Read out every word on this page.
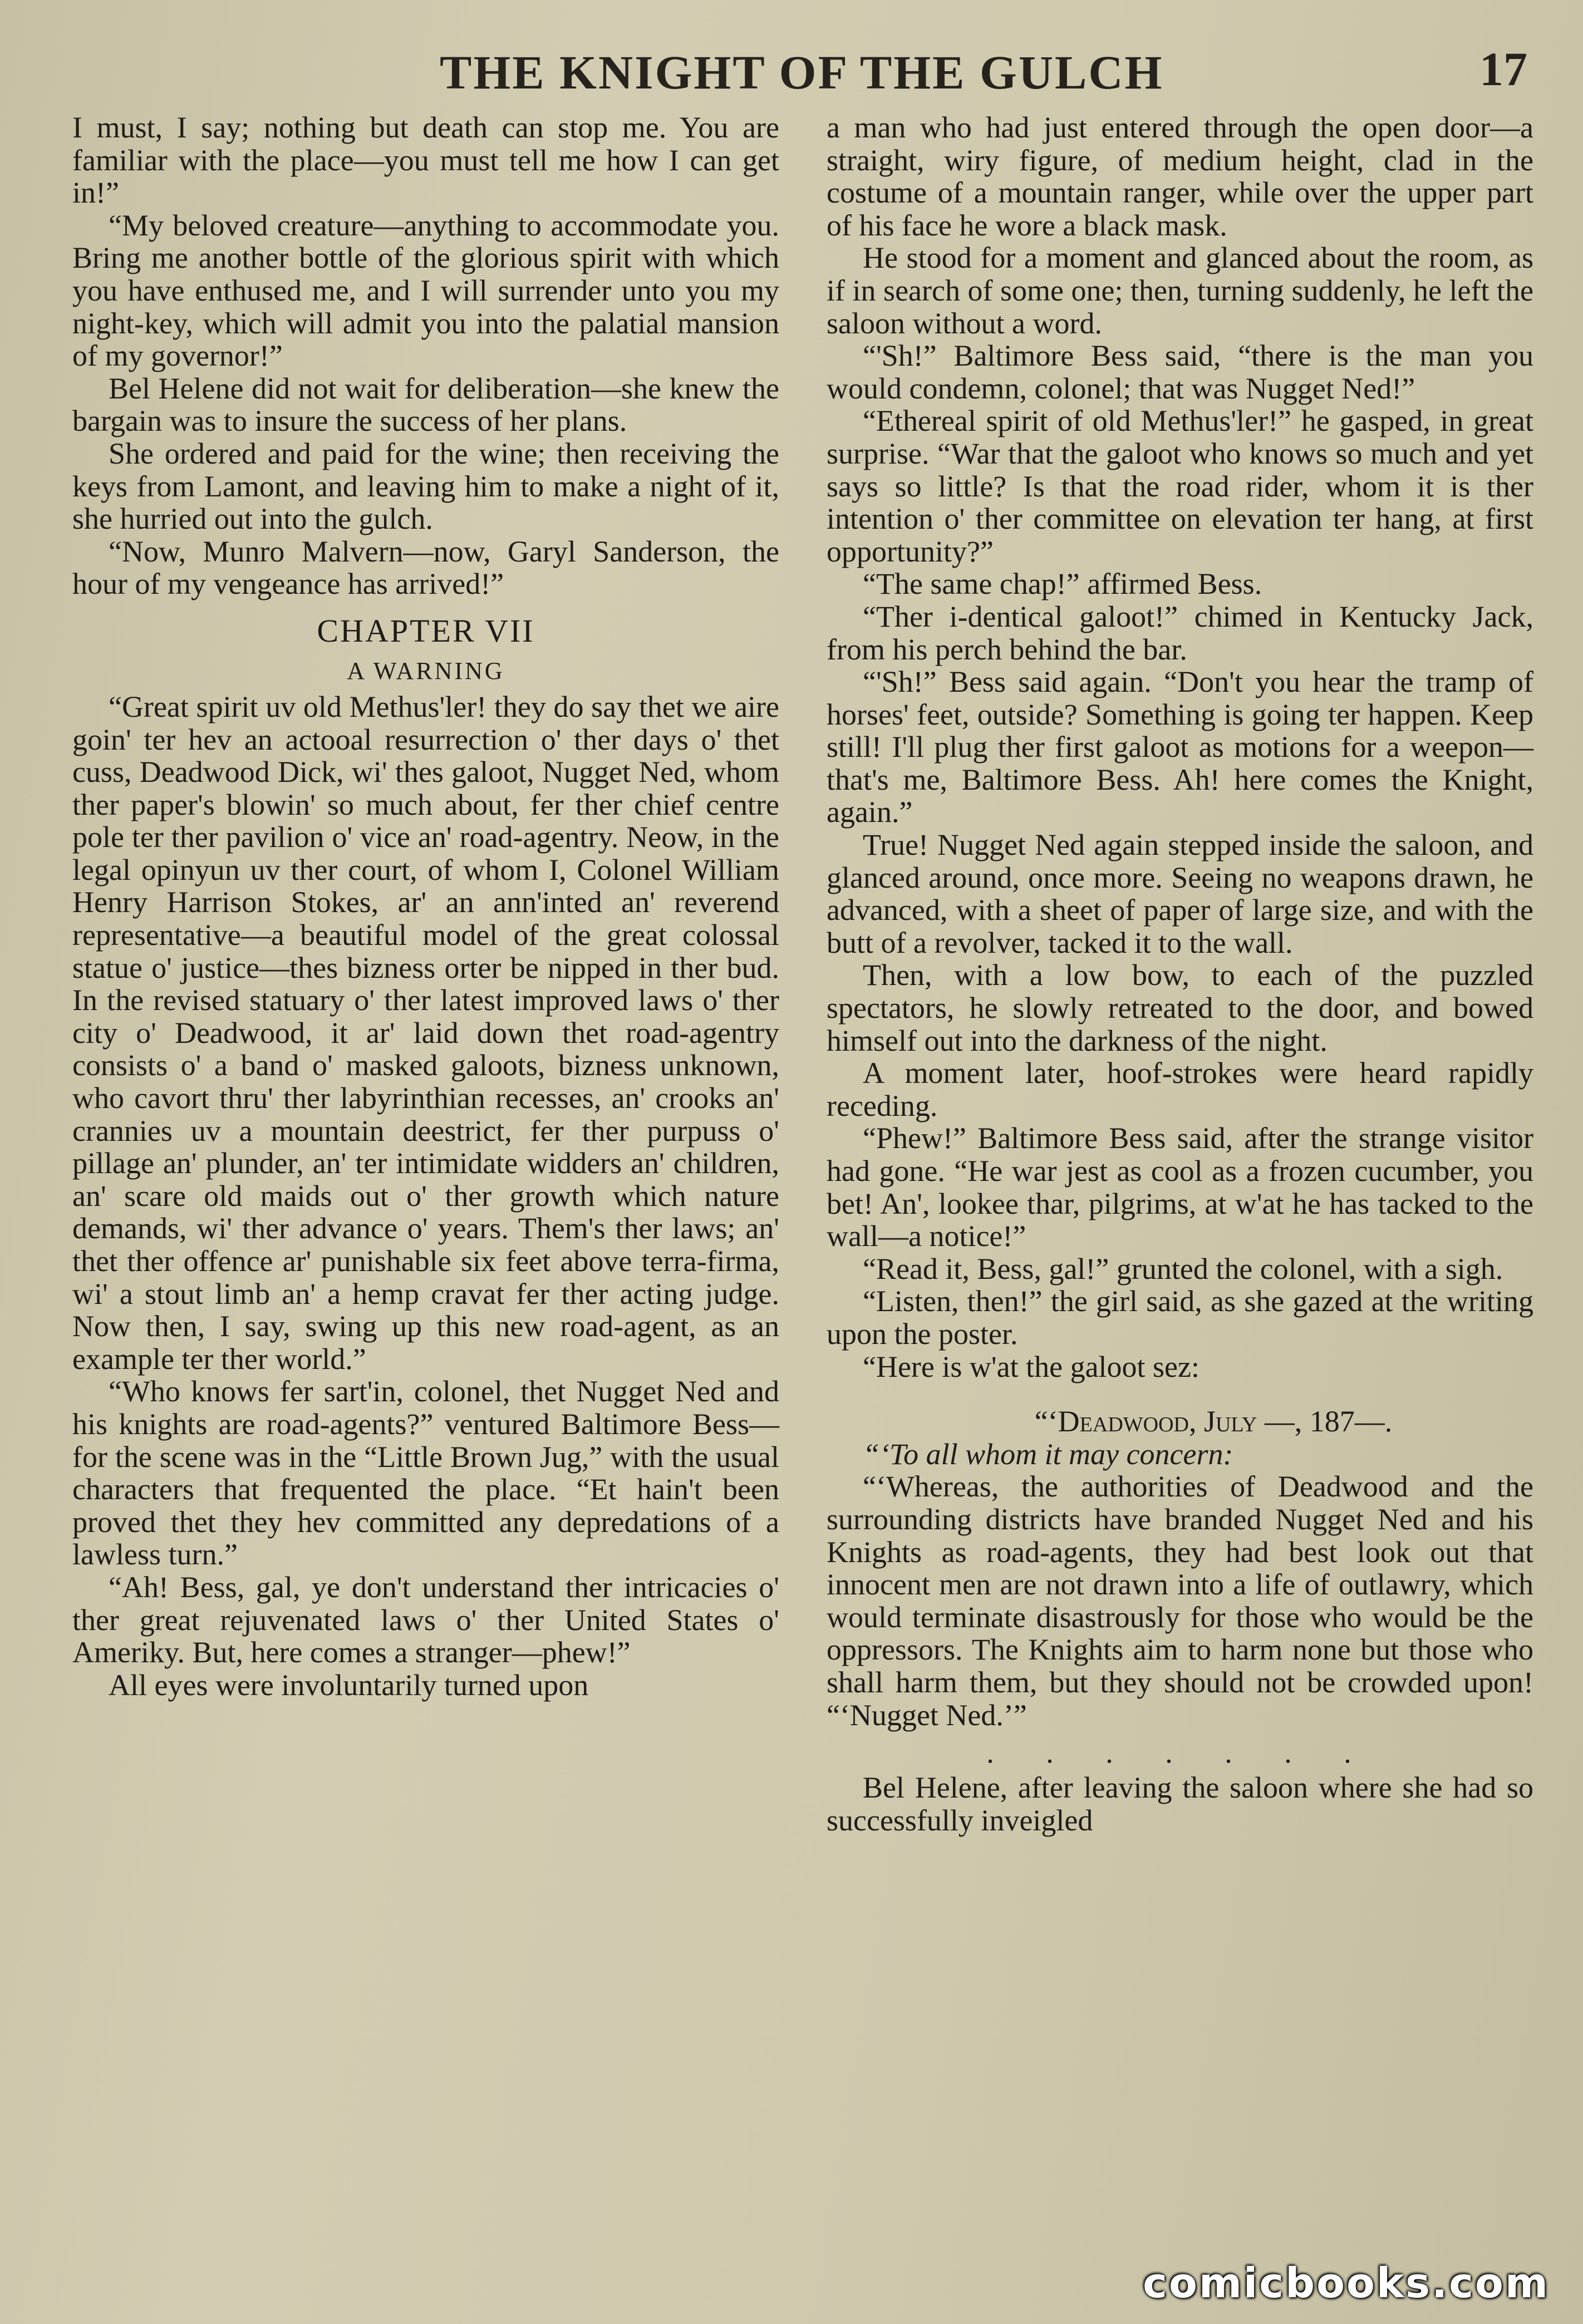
THE KNIGHT OF THE GULCH	17

I must, I say; nothing but death can stop me. You are familiar with the place—you must tell me how I can get in!”

“My beloved creature—anything to accommodate you. Bring me another bottle of the glorious spirit with which you have enthused me, and I will surrender unto you my night-key, which will admit you into the palatial mansion of my governor!”

Bel Helene did not wait for deliberation—she knew the bargain was to insure the success of her plans.

She ordered and paid for the wine; then receiving the keys from Lamont, and leaving him to make a night of it, she hurried out into the gulch.

“Now, Munro Malvern—now, Garyl Sanderson, the hour of my vengeance has arrived!”

CHAPTER VII
A WARNING

“Great spirit uv old Methus'ler! they do say thet we aire goin' ter hev an actooal resurrection o' ther days o' thet cuss, Deadwood Dick, wi' thes galoot, Nugget Ned, whom ther paper's blowin' so much about, fer ther chief centre pole ter ther pavilion o' vice an' road-agentry. Neow, in the legal opinyun uv ther court, of whom I, Colonel William Henry Harrison Stokes, ar' an ann'inted an' reverend representative—a beautiful model of the great colossal statue o' justice—thes bizness orter be nipped in ther bud. In the revised statuary o' ther latest improved laws o' ther city o' Deadwood, it ar' laid down thet road-agentry consists o' a band o' masked galoots, bizness unknown, who cavort thru' ther labyrinthian recesses, an' crooks an' crannies uv a mountain deestrict, fer ther purpuss o' pillage an' plunder, an' ter intimidate widders an' children, an' scare old maids out o' ther growth which nature demands, wi' ther advance o' years. Them's ther laws; an' thet ther offence ar' punishable six feet above terra-firma, wi' a stout limb an' a hemp cravat fer ther acting judge. Now then, I say, swing up this new road-agent, as an example ter ther world.”

“Who knows fer sart'in, colonel, thet Nugget Ned and his knights are road-agents?” ventured Baltimore Bess—for the scene was in the “Little Brown Jug,” with the usual characters that frequented the place. “Et hain't been proved thet they hev committed any depredations of a lawless turn.”

“Ah! Bess, gal, ye don't understand ther intricacies o' ther great rejuvenated laws o' ther United States o' Ameriky. But, here comes a stranger—phew!”

All eyes were involuntarily turned upon

a man who had just entered through the open door—a straight, wiry figure, of medium height, clad in the costume of a mountain ranger, while over the upper part of his face he wore a black mask.

He stood for a moment and glanced about the room, as if in search of some one; then, turning suddenly, he left the saloon without a word.

“'Sh!” Baltimore Bess said, “there is the man you would condemn, colonel; that was Nugget Ned!”

“Ethereal spirit of old Methus'ler!” he gasped, in great surprise. “War that the galoot who knows so much and yet says so little? Is that the road rider, whom it is ther intention o' ther committee on elevation ter hang, at first opportunity?”

“The same chap!” affirmed Bess.

“Ther i-dentical galoot!” chimed in Kentucky Jack, from his perch behind the bar.

“'Sh!” Bess said again. “Don't you hear the tramp of horses' feet, outside? Something is going ter happen. Keep still! I'll plug ther first galoot as motions for a weepon—that's me, Baltimore Bess. Ah! here comes the Knight, again.”

True! Nugget Ned again stepped inside the saloon, and glanced around, once more. Seeing no weapons drawn, he advanced, with a sheet of paper of large size, and with the butt of a revolver, tacked it to the wall.

Then, with a low bow, to each of the puzzled spectators, he slowly retreated to the door, and bowed himself out into the darkness of the night.

A moment later, hoof-strokes were heard rapidly receding.

“Phew!” Baltimore Bess said, after the strange visitor had gone. “He war jest as cool as a frozen cucumber, you bet! An', lookee thar, pilgrims, at w'at he has tacked to the wall—a notice!”

“Read it, Bess, gal!” grunted the colonel, with a sigh.

“Listen, then!” the girl said, as she gazed at the writing upon the poster.

“Here is w'at the galoot sez:

“‘Deadwood, July —, 187—.

“‘To all whom it may concern:

“‘Whereas, the authorities of Deadwood and the surrounding districts have branded Nugget Ned and his Knights as road-agents, they had best look out that innocent men are not drawn into a life of outlawry, which would terminate disastrously for those who would be the oppressors. The Knights aim to harm none but those who shall harm them, but they should not be crowded upon! “‘Nugget Ned.’”

. . . . . . .

Bel Helene, after leaving the saloon where she had so successfully inveigled

comicbooks.com
